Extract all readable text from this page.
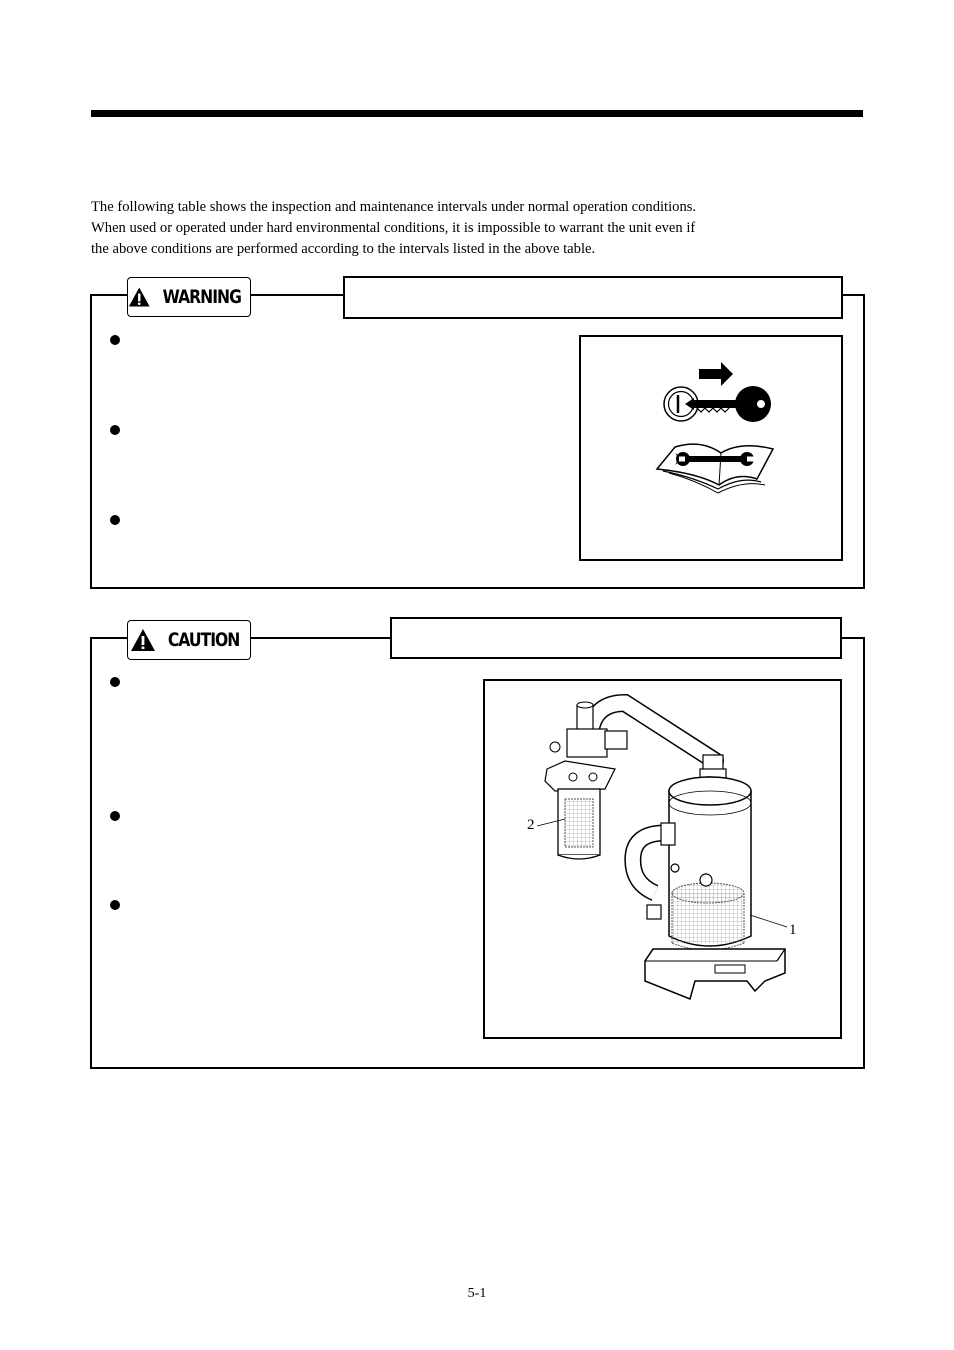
The following table shows the inspection and maintenance intervals under normal operation conditions.
When used or operated under hard environmental conditions, it is impossible to warrant the unit even if
the above conditions are performed according to the intervals listed in the above table.

WARNING
CAUTION
2
1
5-1
